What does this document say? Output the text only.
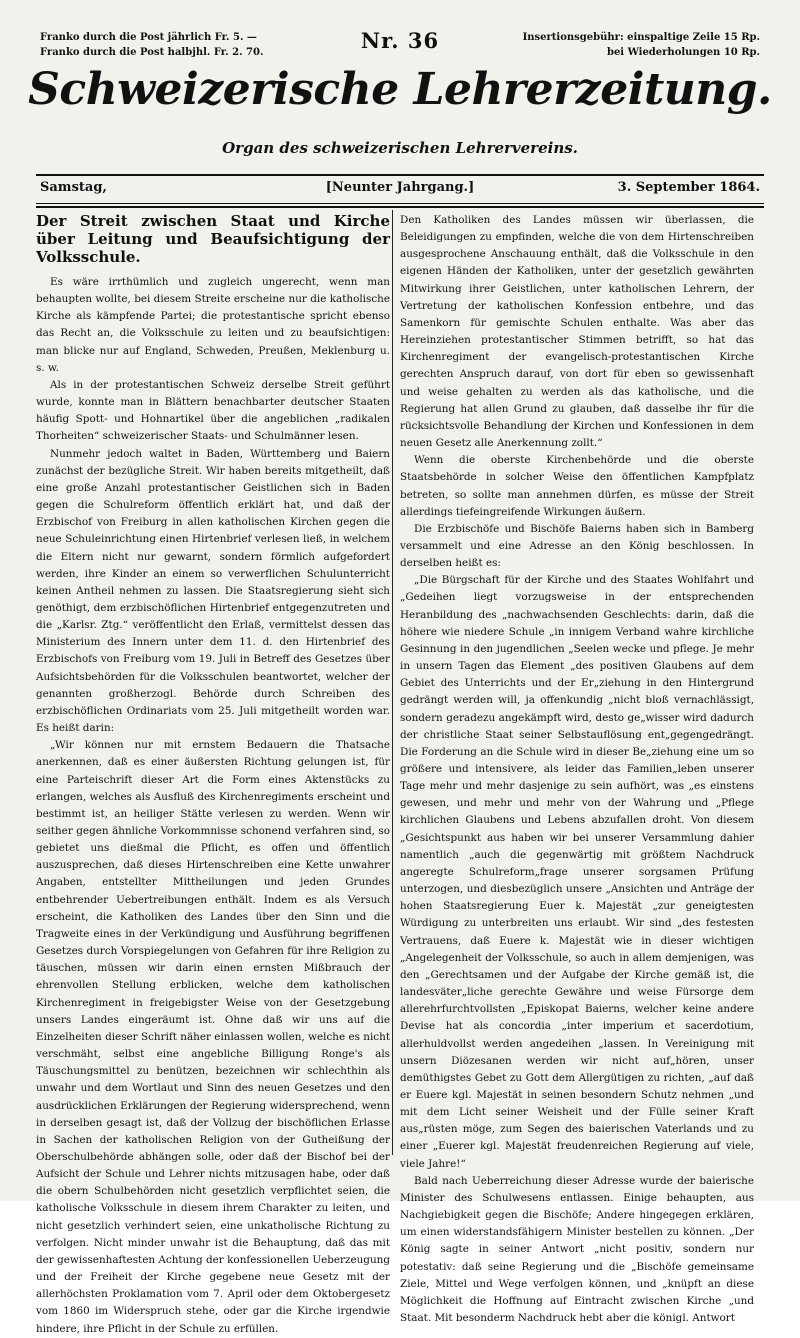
Franko durch die Post jährlich Fr. 5. —
Franko durch die Post halbjhl. Fr. 2. 70.	Nr. 36	Insertionsgebühr: einspaltige Zeile 15 Rp.
bei Wiederholungen 10 Rp.
Schweizerische Lehrerzeitung.
Organ des schweizerischen Lehrervereins.
Samstag,	[Neunter Jahrgang.]	3. September 1864.
Der Streit zwischen Staat und Kirche über Leitung und Beaufsichtigung der Volksschule.

Es wäre irrthümlich und zugleich ungerecht, wenn man behaupten wollte, bei diesem Streite erscheine nur die katholische Kirche als kämpfende Partei; die protestantische spricht ebenso das Recht an, die Volksschule zu leiten und zu beaufsichtigen: man blicke nur auf England, Schweden, Preußen, Meklenburg u. s. w.

Als in der protestantischen Schweiz derselbe Streit geführt wurde, konnte man in Blättern benachbarter deutscher Staaten häufig Spott- und Hohnartikel über die angeblichen „radikalen Thorheiten“ schweizerischer Staats- und Schulmänner lesen.

Nunmehr jedoch waltet in Baden, Württemberg und Baiern zunächst der bezügliche Streit. Wir haben bereits mitgetheilt, daß eine große Anzahl protestantischer Geistlichen sich in Baden gegen die Schulreform öffentlich erklärt hat, und daß der Erzbischof von Freiburg in allen katholischen Kirchen gegen die neue Schuleinrichtung einen Hirtenbrief verlesen ließ, in welchem die Eltern nicht nur gewarnt, sondern förmlich aufgefordert werden, ihre Kinder an einem so verwerflichen Schulunterricht keinen Antheil nehmen zu lassen. Die Staatsregierung sieht sich genöthigt, dem erzbischöflichen Hirtenbrief entgegenzutreten und die „Karlsr. Ztg.“ veröffentlicht den Erlaß, vermittelst dessen das Ministerium des Innern unter dem 11. d. den Hirtenbrief des Erzbischofs von Freiburg vom 19. Juli in Betreff des Gesetzes über Aufsichtsbehörden für die Volksschulen beantwortet, welcher der genannten großherzogl. Behörde durch Schreiben des erzbischöflichen Ordinariats vom 25. Juli mitgetheilt worden war. Es heißt darin:

„Wir können nur mit ernstem Bedauern die Thatsache anerkennen, daß es einer äußersten Richtung gelungen ist, für eine Parteischrift dieser Art die Form eines Aktenstücks zu erlangen, welches als Ausfluß des Kirchenregiments erscheint und bestimmt ist, an heiliger Stätte verlesen zu werden. Wenn wir seither gegen ähnliche Vorkommnisse schonend verfahren sind, so gebietet uns dießmal die Pflicht, es offen und öffentlich auszusprechen, daß dieses Hirtenschreiben eine Kette unwahrer Angaben, entstellter Mittheilungen und jeden Grundes entbehrender Uebertreibungen enthält. Indem es als Versuch erscheint, die Katholiken des Landes über den Sinn und die Tragweite eines in der Verkündigung und Ausführung begriffenen Gesetzes durch Vorspiegelungen von Gefahren für ihre Religion zu täuschen, müssen wir darin einen ernsten Mißbrauch der ehrenvollen Stellung erblicken, welche dem katholischen Kirchenregiment in freigebigster Weise von der Gesetzgebung unsers Landes eingeräumt ist. Ohne daß wir uns auf die Einzelheiten dieser Schrift näher einlassen wollen, welche es nicht verschmäht, selbst eine angebliche Billigung Ronge's als Täuschungsmittel zu benützen, bezeichnen wir schlechthin als unwahr und dem Wortlaut und Sinn des neuen Gesetzes und den ausdrücklichen Erklärungen der Regierung widersprechend, wenn in derselben gesagt ist, daß der Vollzug der bischöflichen Erlasse in Sachen der katholischen Religion von der Gutheißung der Oberschulbehörde abhängen solle, oder daß der Bischof bei der Aufsicht der Schule und Lehrer nichts mitzusagen habe, oder daß die obern Schulbehörden nicht gesetzlich verpflichtet seien, die katholische Volksschule in diesem ihrem Charakter zu leiten, und nicht gesetzlich verhindert seien, eine unkatholische Richtung zu verfolgen. Nicht minder unwahr ist die Behauptung, daß das mit der gewissenhaftesten Achtung der konfessionellen Ueberzeugung und der Freiheit der Kirche gegebene neue Gesetz mit der allerhöchsten Proklamation vom 7. April oder dem Oktobergesetz vom 1860 im Widerspruch stehe, oder gar die Kirche irgendwie hindere, ihre Pflicht in der Schule zu erfüllen.

Den Katholiken des Landes müssen wir überlassen, die Beleidigungen zu empfinden, welche die von dem Hirtenschreiben ausgesprochene Anschauung enthält, daß die Volksschule in den eigenen Händen der Katholiken, unter der gesetzlich gewährten Mitwirkung ihrer Geistlichen, unter katholischen Lehrern, der Vertretung der katholischen Konfession entbehre, und das Samenkorn für gemischte Schulen enthalte. Was aber das Hereinziehen protestantischer Stimmen betrifft, so hat das Kirchenregiment der evangelisch-protestantischen Kirche gerechten Anspruch darauf, von dort für eben so gewissenhaft und weise gehalten zu werden als das katholische, und die Regierung hat allen Grund zu glauben, daß dasselbe ihr für die rücksichtsvolle Behandlung der Kirchen und Konfessionen in dem neuen Gesetz alle Anerkennung zollt.“

Wenn die oberste Kirchenbehörde und die oberste Staatsbehörde in solcher Weise den öffentlichen Kampfplatz betreten, so sollte man annehmen dürfen, es müsse der Streit allerdings tiefeingreifende Wirkungen äußern.

Die Erzbischöfe und Bischöfe Baierns haben sich in Bamberg versammelt und eine Adresse an den König beschlossen. In derselben heißt es:

„Die Bürgschaft für der Kirche und des Staates Wohlfahrt und „Gedeihen liegt vorzugsweise in der entsprechenden Heranbildung des „nachwachsenden Geschlechts: darin, daß die höhere wie niedere Schule „in innigem Verband wahre kirchliche Gesinnung in den jugendlichen „Seelen wecke und pflege. Je mehr in unsern Tagen das Element „des positiven Glaubens auf dem Gebiet des Unterrichts und der Er„ziehung in den Hintergrund gedrängt werden will, ja offenkundig „nicht bloß vernachlässigt, sondern geradezu angekämpft wird, desto ge„wisser wird dadurch der christliche Staat seiner Selbstauflösung ent„gegengedrängt. Die Forderung an die Schule wird in dieser Be„ziehung eine um so größere und intensivere, als leider das Familien„leben unserer Tage mehr und mehr dasjenige zu sein aufhört, was „es einstens gewesen, und mehr und mehr von der Wahrung und „Pflege kirchlichen Glaubens und Lebens abzufallen droht. Von diesem „Gesichtspunkt aus haben wir bei unserer Versammlung dahier namentlich „auch die gegenwärtig mit größtem Nachdruck angeregte Schulreform„frage unserer sorgsamen Prüfung unterzogen, und diesbezüglich unsere „Ansichten und Anträge der hohen Staatsregierung Euer k. Majestät „zur geneigtesten Würdigung zu unterbreiten uns erlaubt. Wir sind „des festesten Vertrauens, daß Euere k. Majestät wie in dieser wichtigen „Angelegenheit der Volksschule, so auch in allem demjenigen, was den „Gerechtsamen und der Aufgabe der Kirche gemäß ist, die landesväter„liche gerechte Gewähre und weise Fürsorge dem allerehrfurchtvollsten „Episkopat Baierns, welcher keine andere Devise hat als concordia „inter imperium et sacerdotium, allerhuldvollst werden angedeihen „lassen. In Vereinigung mit unsern Diözesanen werden wir nicht auf„hören, unser demüthigstes Gebet zu Gott dem Allergütigen zu richten, „auf daß er Euere kgl. Majestät in seinen besondern Schutz nehmen „und mit dem Licht seiner Weisheit und der Fülle seiner Kraft aus„rüsten möge, zum Segen des baierischen Vaterlands und zu einer „Euerer kgl. Majestät freudenreichen Regierung auf viele, viele Jahre!“

Bald nach Ueberreichung dieser Adresse wurde der baierische Minister des Schulwesens entlassen. Einige behaupten, aus Nachgiebigkeit gegen die Bischöfe; Andere hingegegen erklären, um einen widerstandsfähigern Minister bestellen zu können. „Der König sagte in seiner Antwort „nicht positiv, sondern nur potestativ: daß seine Regierung und die „Bischöfe gemeinsame Ziele, Mittel und Wege verfolgen können, und „knüpft an diese Möglichkeit die Hoffnung auf Eintracht zwischen Kirche „und Staat. Mit besonderm Nachdruck hebt aber die königl. Antwort
